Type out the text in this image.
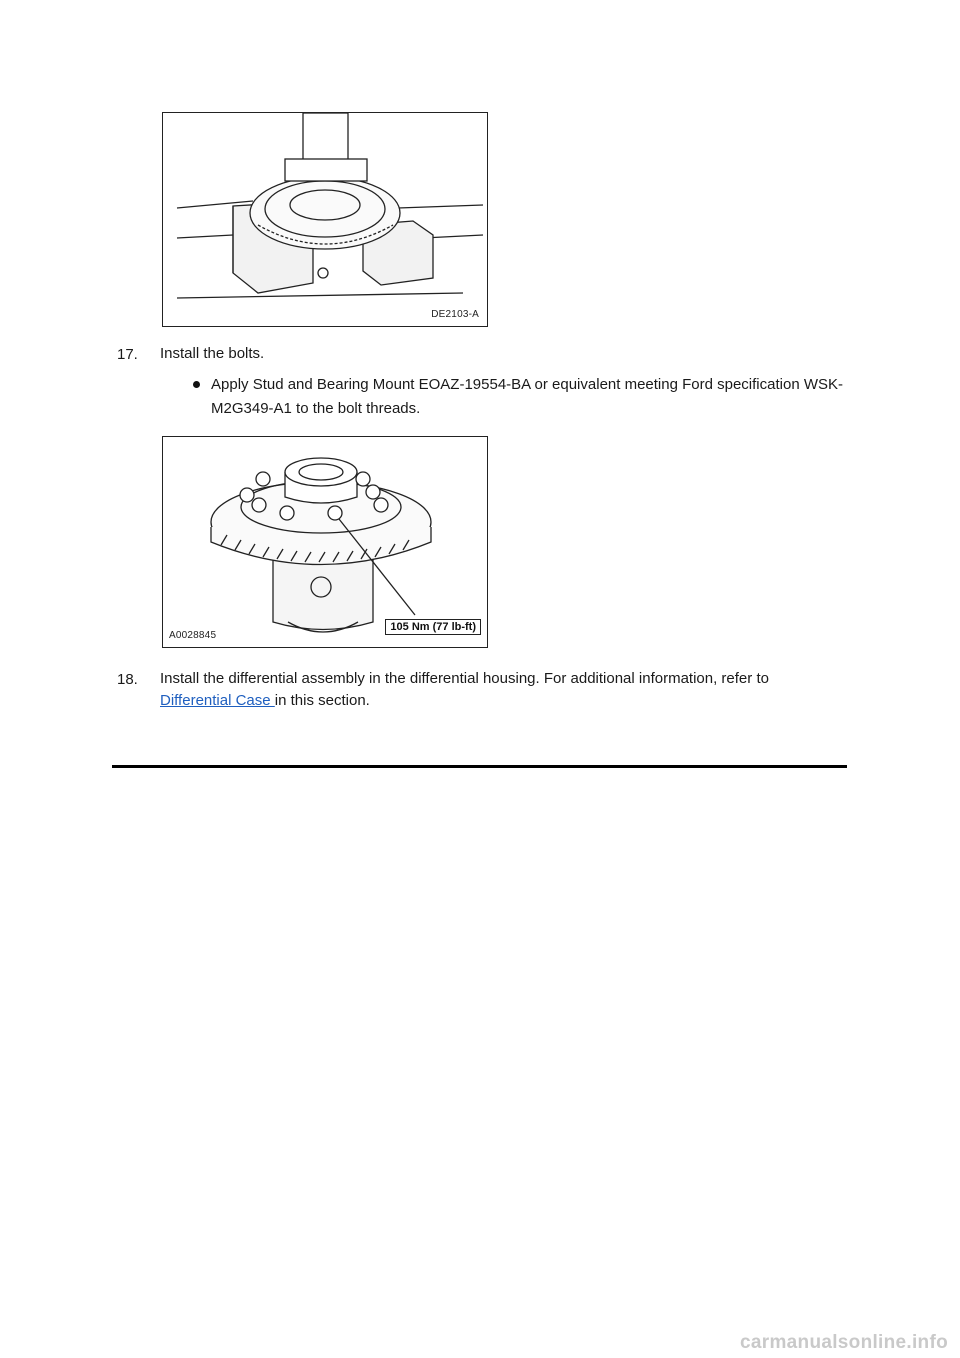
DE2103-A
17. Install the bolts.
Apply Stud and Bearing Mount EOAZ-19554-BA or equivalent meeting Ford specification WSK-M2G349-A1 to the bolt threads.
A0028845
105 Nm (77 lb-ft)
18. Install the differential assembly in the differential housing. For additional information, refer to
Differential Case in this section.
carmanualsonline.info
